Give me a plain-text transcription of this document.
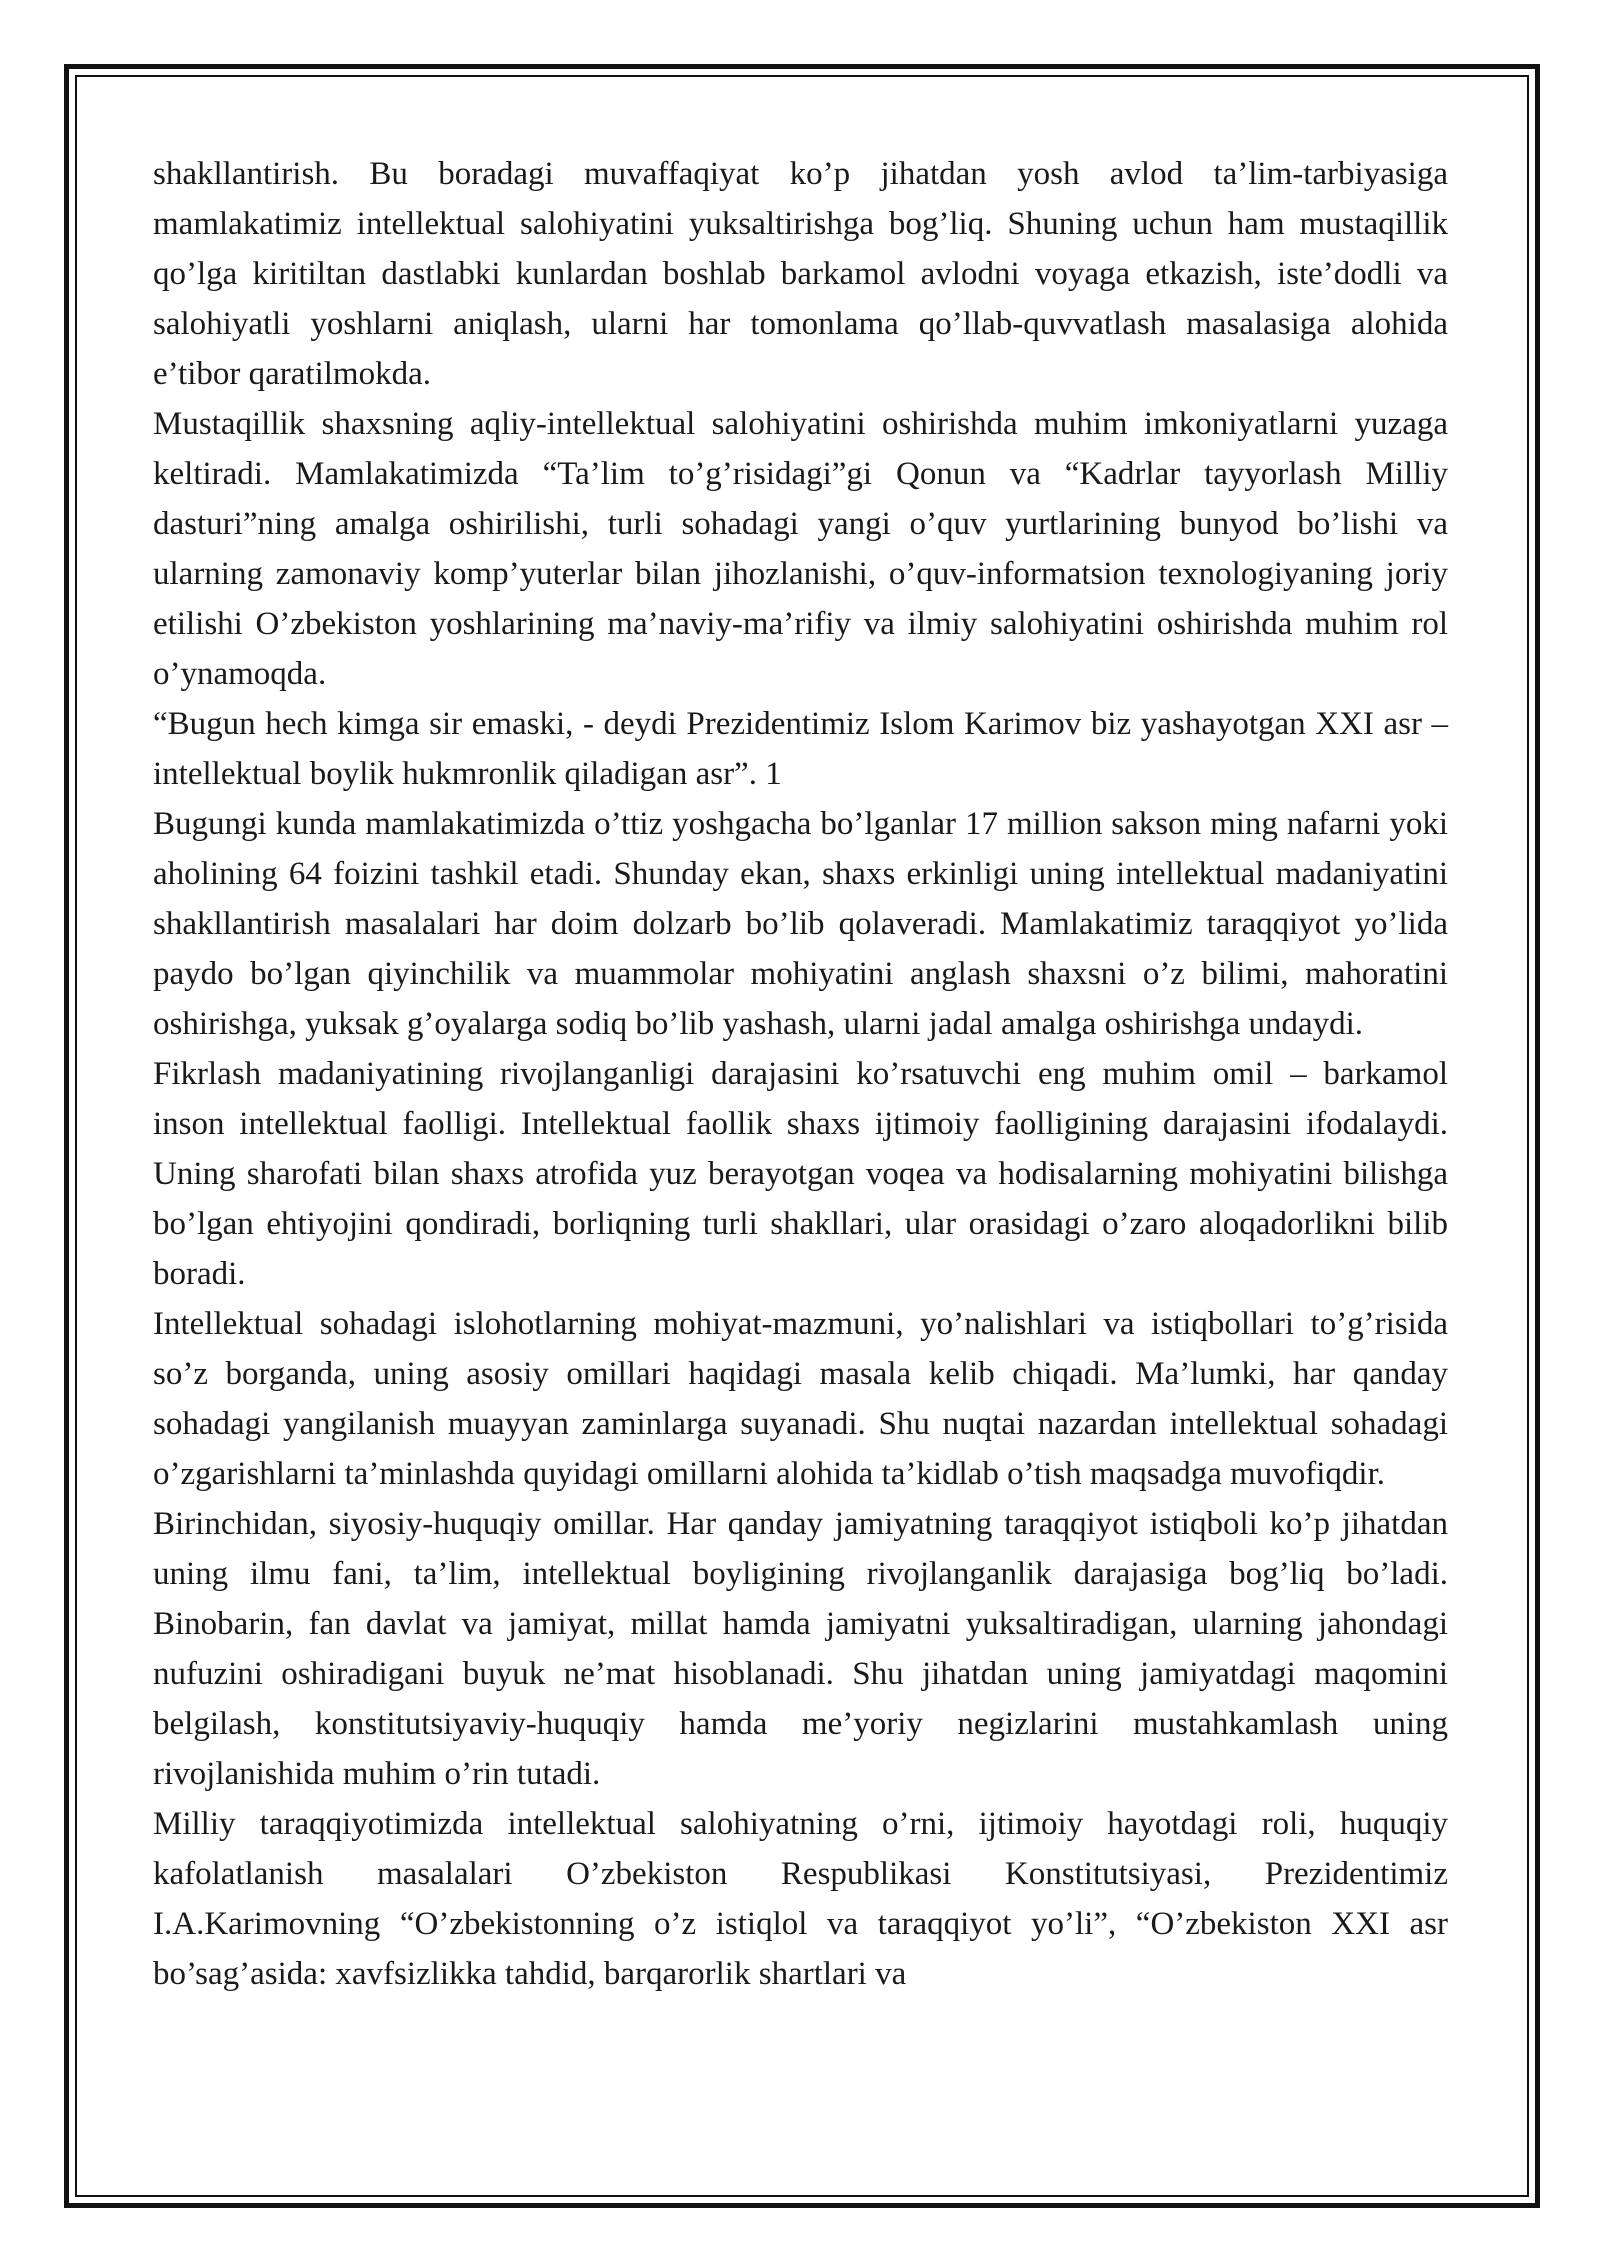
shakllantirish. Bu boradagi muvaffaqiyat ko’p jihatdan yosh avlod ta’lim-tarbiyasiga mamlakatimiz intellektual salohiyatini yuksaltirishga bog’liq. Shuning uchun ham mustaqillik qo’lga kiritiltan dastlabki kunlardan boshlab barkamol avlodni voyaga etkazish, iste’dodli va salohiyatli yoshlarni aniqlash, ularni har tomonlama qo’llab-quvvatlash masalasiga alohida e’tibor qaratilmokda.

Mustaqillik shaxsning aqliy-intellektual salohiyatini oshirishda muhim imkoniyatlarni yuzaga keltiradi. Mamlakatimizda “Ta’lim to’g’risidagi”gi Qonun va “Kadrlar tayyorlash Milliy dasturi”ning amalga oshirilishi, turli sohadagi yangi o’quv yurtlarining bunyod bo’lishi va ularning zamonaviy komp’yuterlar bilan jihozlanishi, o’quv-informatsion texnologiyaning joriy etilishi O’zbekiston yoshlarining ma’naviy-ma’rifiy va ilmiy salohiyatini oshirishda muhim rol o’ynamoqda.

“Bugun hech kimga sir emaski, - deydi Prezidentimiz Islom Karimov biz yashayotgan XXI asr – intellektual boylik hukmronlik qiladigan asr”. 1

Bugungi kunda mamlakatimizda o’ttiz yoshgacha bo’lganlar 17 million sakson ming nafarni yoki aholining 64 foizini tashkil etadi. Shunday ekan, shaxs erkinligi uning intellektual madaniyatini shakllantirish masalalari har doim dolzarb bo’lib qolaveradi. Mamlakatimiz taraqqiyot yo’lida paydo bo’lgan qiyinchilik va muammolar mohiyatini anglash shaxsni o’z bilimi, mahoratini oshirishga, yuksak g’oyalarga sodiq bo’lib yashash, ularni jadal amalga oshirishga undaydi.

Fikrlash madaniyatining rivojlanganligi darajasini ko’rsatuvchi eng muhim omil – barkamol inson intellektual faolligi. Intellektual faollik shaxs ijtimoiy faolligining darajasini ifodalaydi. Uning sharofati bilan shaxs atrofida yuz berayotgan voqea va hodisalarning mohiyatini bilishga bo’lgan ehtiyojini qondiradi, borliqning turli shakllari, ular orasidagi o’zaro aloqadorlikni bilib boradi.

Intellektual sohadagi islohotlarning mohiyat-mazmuni, yo’nalishlari va istiqbollari to’g’risida so’z borganda, uning asosiy omillari haqidagi masala kelib chiqadi. Ma’lumki, har qanday sohadagi yangilanish muayyan zaminlarga suyanadi. Shu nuqtai nazardan intellektual sohadagi o’zgarishlarni ta’minlashda quyidagi omillarni alohida ta’kidlab o’tish maqsadga muvofiqdir.

Birinchidan, siyosiy-huquqiy omillar. Har qanday jamiyatning taraqqiyot istiqboli ko’p jihatdan uning ilmu fani, ta’lim, intellektual boyligining rivojlanganlik darajasiga bog’liq bo’ladi. Binobarin, fan davlat va jamiyat, millat hamda jamiyatni yuksaltiradigan, ularning jahondagi nufuzini oshiradigani buyuk ne’mat hisoblanadi. Shu jihatdan uning jamiyatdagi maqomini belgilash, konstitutsiyaviy-huquqiy hamda me’yoriy negizlarini mustahkamlash uning rivojlanishida muhim o’rin tutadi.

Milliy taraqqiyotimizda intellektual salohiyatning o’rni, ijtimoiy hayotdagi roli, huquqiy kafolatlanish masalalari O’zbekiston Respublikasi Konstitutsiyasi, Prezidentimiz I.A.Karimovning “O’zbekistonning o’z istiqlol va taraqqiyot yo’li”, “O’zbekiston XXI asr bo’sag’asida: xavfsizlikka tahdid, barqarorlik shartlari va
